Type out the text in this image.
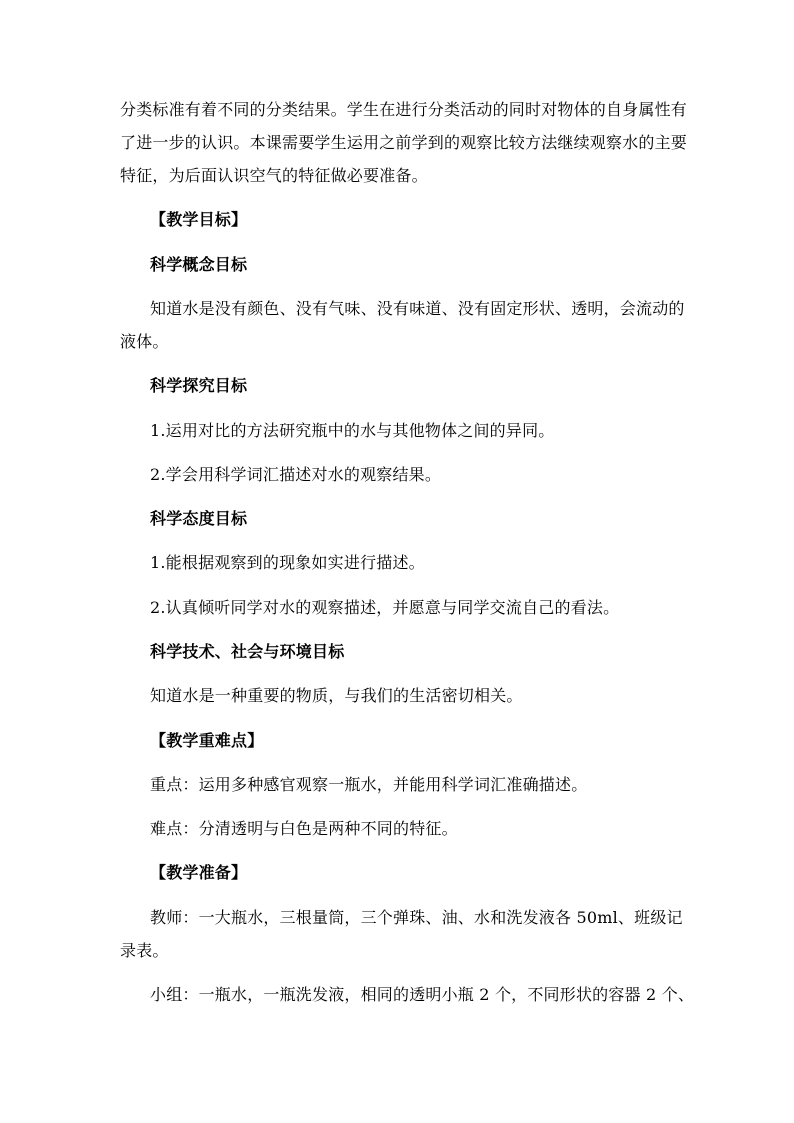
分类标准有着不同的分类结果。学生在进行分类活动的同时对物体的自身属性有
了进一步的认识。本课需要学生运用之前学到的观察比较方法继续观察水的主要
特征，为后面认识空气的特征做必要准备。
【教学目标】
科学概念目标
知道水是没有颜色、没有气味、没有味道、没有固定形状、透明，会流动的
液体。
科学探究目标
1.运用对比的方法研究瓶中的水与其他物体之间的异同。
2.学会用科学词汇描述对水的观察结果。
科学态度目标
1.能根据观察到的现象如实进行描述。
2.认真倾听同学对水的观察描述，并愿意与同学交流自己的看法。
科学技术、社会与环境目标
知道水是一种重要的物质，与我们的生活密切相关。
【教学重难点】
重点：运用多种感官观察一瓶水，并能用科学词汇准确描述。
难点：分清透明与白色是两种不同的特征。
【教学准备】
教师：一大瓶水，三根量筒，三个弹珠、油、水和洗发液各 50ml、班级记
录表。
小组：一瓶水，一瓶洗发液，相同的透明小瓶 2 个，不同形状的容器 2 个、
